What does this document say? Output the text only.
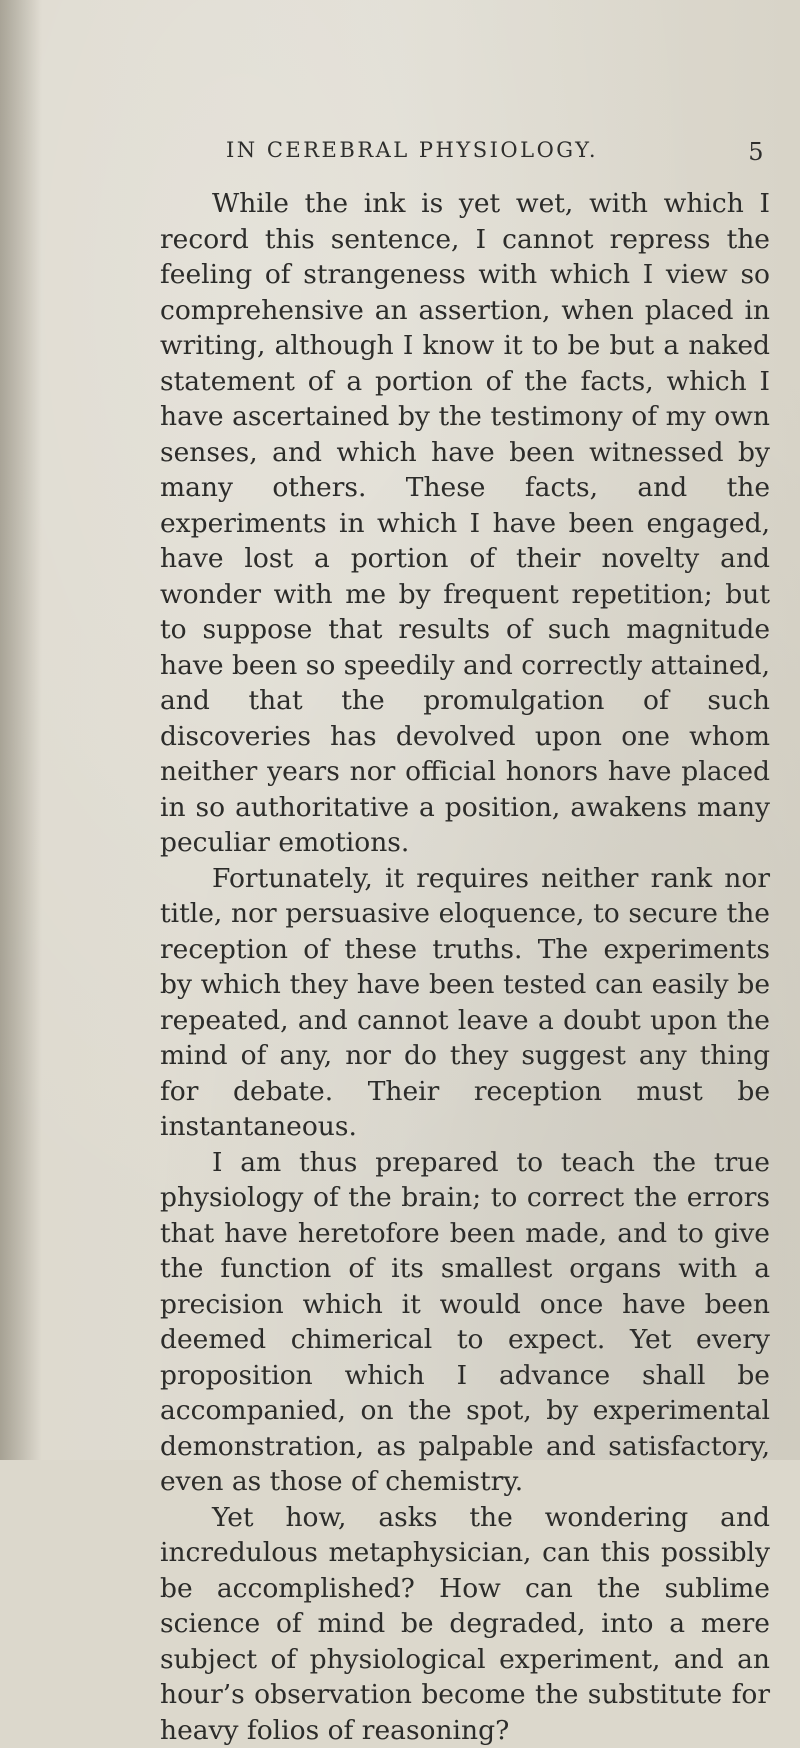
IN CEREBRAL PHYSIOLOGY.	5

While the ink is yet wet, with which I record this sentence, I cannot repress the feeling of strangeness with which I view so comprehensive an assertion, when placed in writing, although I know it to be but a naked statement of a portion of the facts, which I have ascertained by the testimony of my own senses, and which have been witnessed by many others. These facts, and the experiments in which I have been engaged, have lost a portion of their novelty and wonder with me by frequent repetition; but to suppose that results of such magnitude have been so speedily and correctly attained, and that the promulgation of such discoveries has devolved upon one whom neither years nor official honors have placed in so authoritative a position, awakens many peculiar emotions.

Fortunately, it requires neither rank nor title, nor persuasive eloquence, to secure the reception of these truths. The experiments by which they have been tested can easily be repeated, and cannot leave a doubt upon the mind of any, nor do they suggest any thing for debate. Their reception must be instantaneous.

I am thus prepared to teach the true physiology of the brain; to correct the errors that have heretofore been made, and to give the function of its smallest organs with a precision which it would once have been deemed chimerical to expect. Yet every proposition which I advance shall be accompanied, on the spot, by experimental demonstration, as palpable and satisfactory, even as those of chemistry.

Yet how, asks the wondering and incredulous metaphysician, can this possibly be accomplished? How can the sublime science of mind be degraded, into a mere subject of physiological experiment, and an hour’s observation become the substitute for heavy folios of reasoning?
